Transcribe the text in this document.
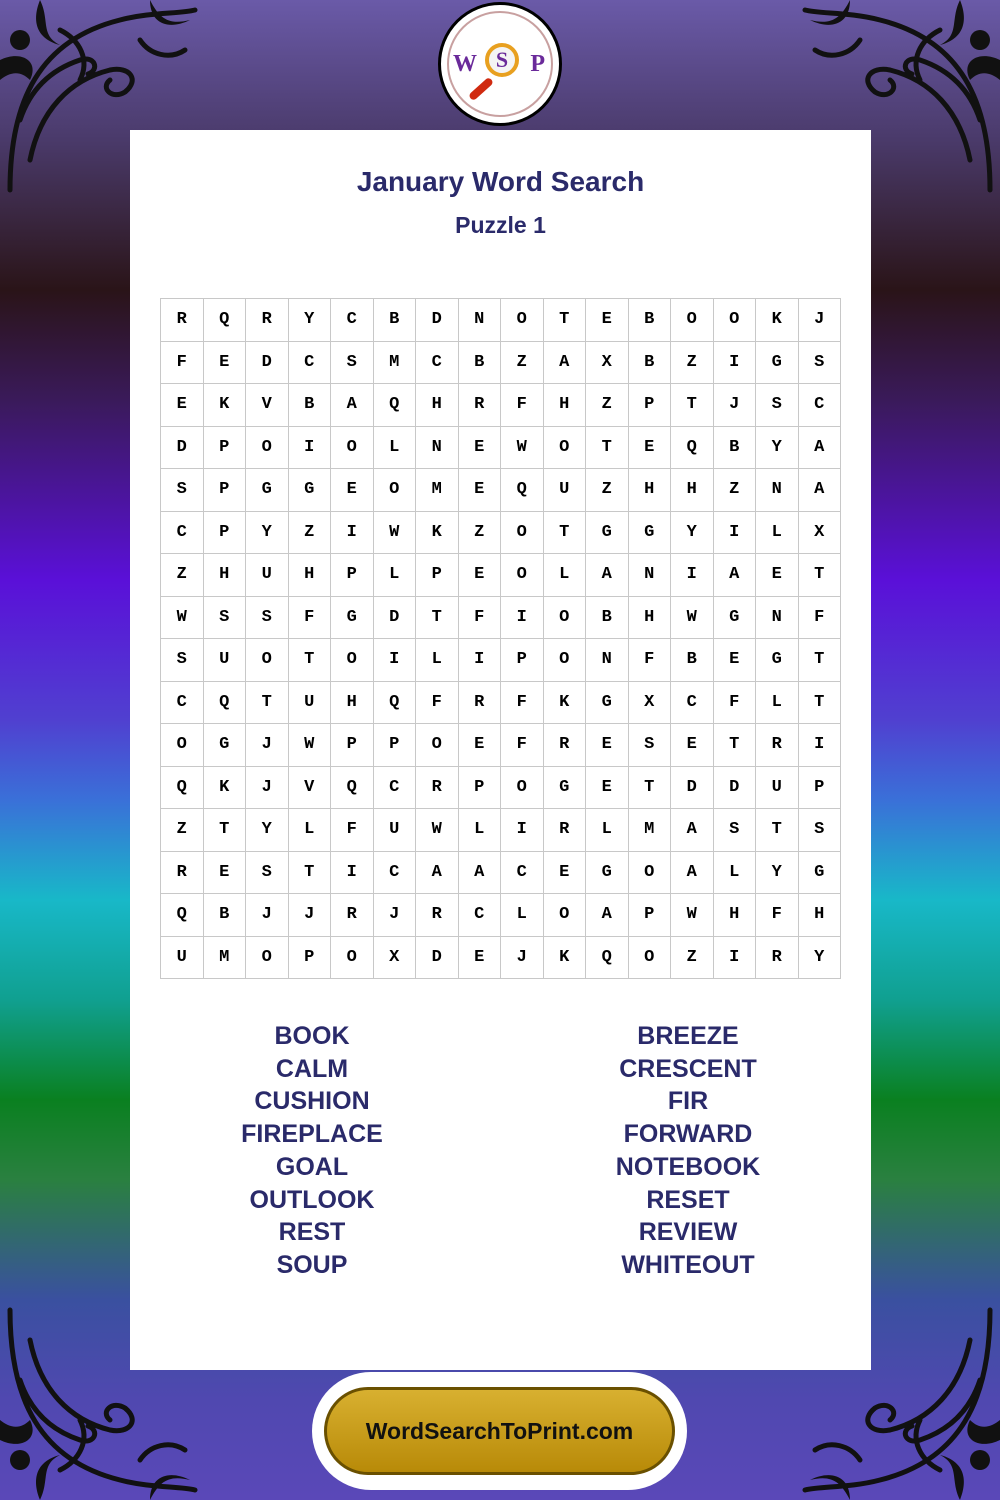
January Word Search
Puzzle 1
R	Q	R	Y	C	B	D	N	O	T	E	B	O	O	K	J
F	E	D	C	S	M	C	B	Z	A	X	B	Z	I	G	S
E	K	V	B	A	Q	H	R	F	H	Z	P	T	J	S	C
D	P	O	I	O	L	N	E	W	O	T	E	Q	B	Y	A
S	P	G	G	E	O	M	E	Q	U	Z	H	H	Z	N	A
C	P	Y	Z	I	W	K	Z	O	T	G	G	Y	I	L	X
Z	H	U	H	P	L	P	E	O	L	A	N	I	A	E	T
W	S	S	F	G	D	T	F	I	O	B	H	W	G	N	F
S	U	O	T	O	I	L	I	P	O	N	F	B	E	G	T
C	Q	T	U	H	Q	F	R	F	K	G	X	C	F	L	T
O	G	J	W	P	P	O	E	F	R	E	S	E	T	R	I
Q	K	J	V	Q	C	R	P	O	G	E	T	D	D	U	P
Z	T	Y	L	F	U	W	L	I	R	L	M	A	S	T	S
R	E	S	T	I	C	A	A	C	E	G	O	A	L	Y	G
Q	B	J	J	R	J	R	C	L	O	A	P	W	H	F	H
U	M	O	P	O	X	D	E	J	K	Q	O	Z	I	R	Y
BOOK
CALM
CUSHION
FIREPLACE
GOAL
OUTLOOK
REST
SOUP
BREEZE
CRESCENT
FIR
FORWARD
NOTEBOOK
RESET
REVIEW
WHITEOUT
W S P
WordSearchToPrint.com
